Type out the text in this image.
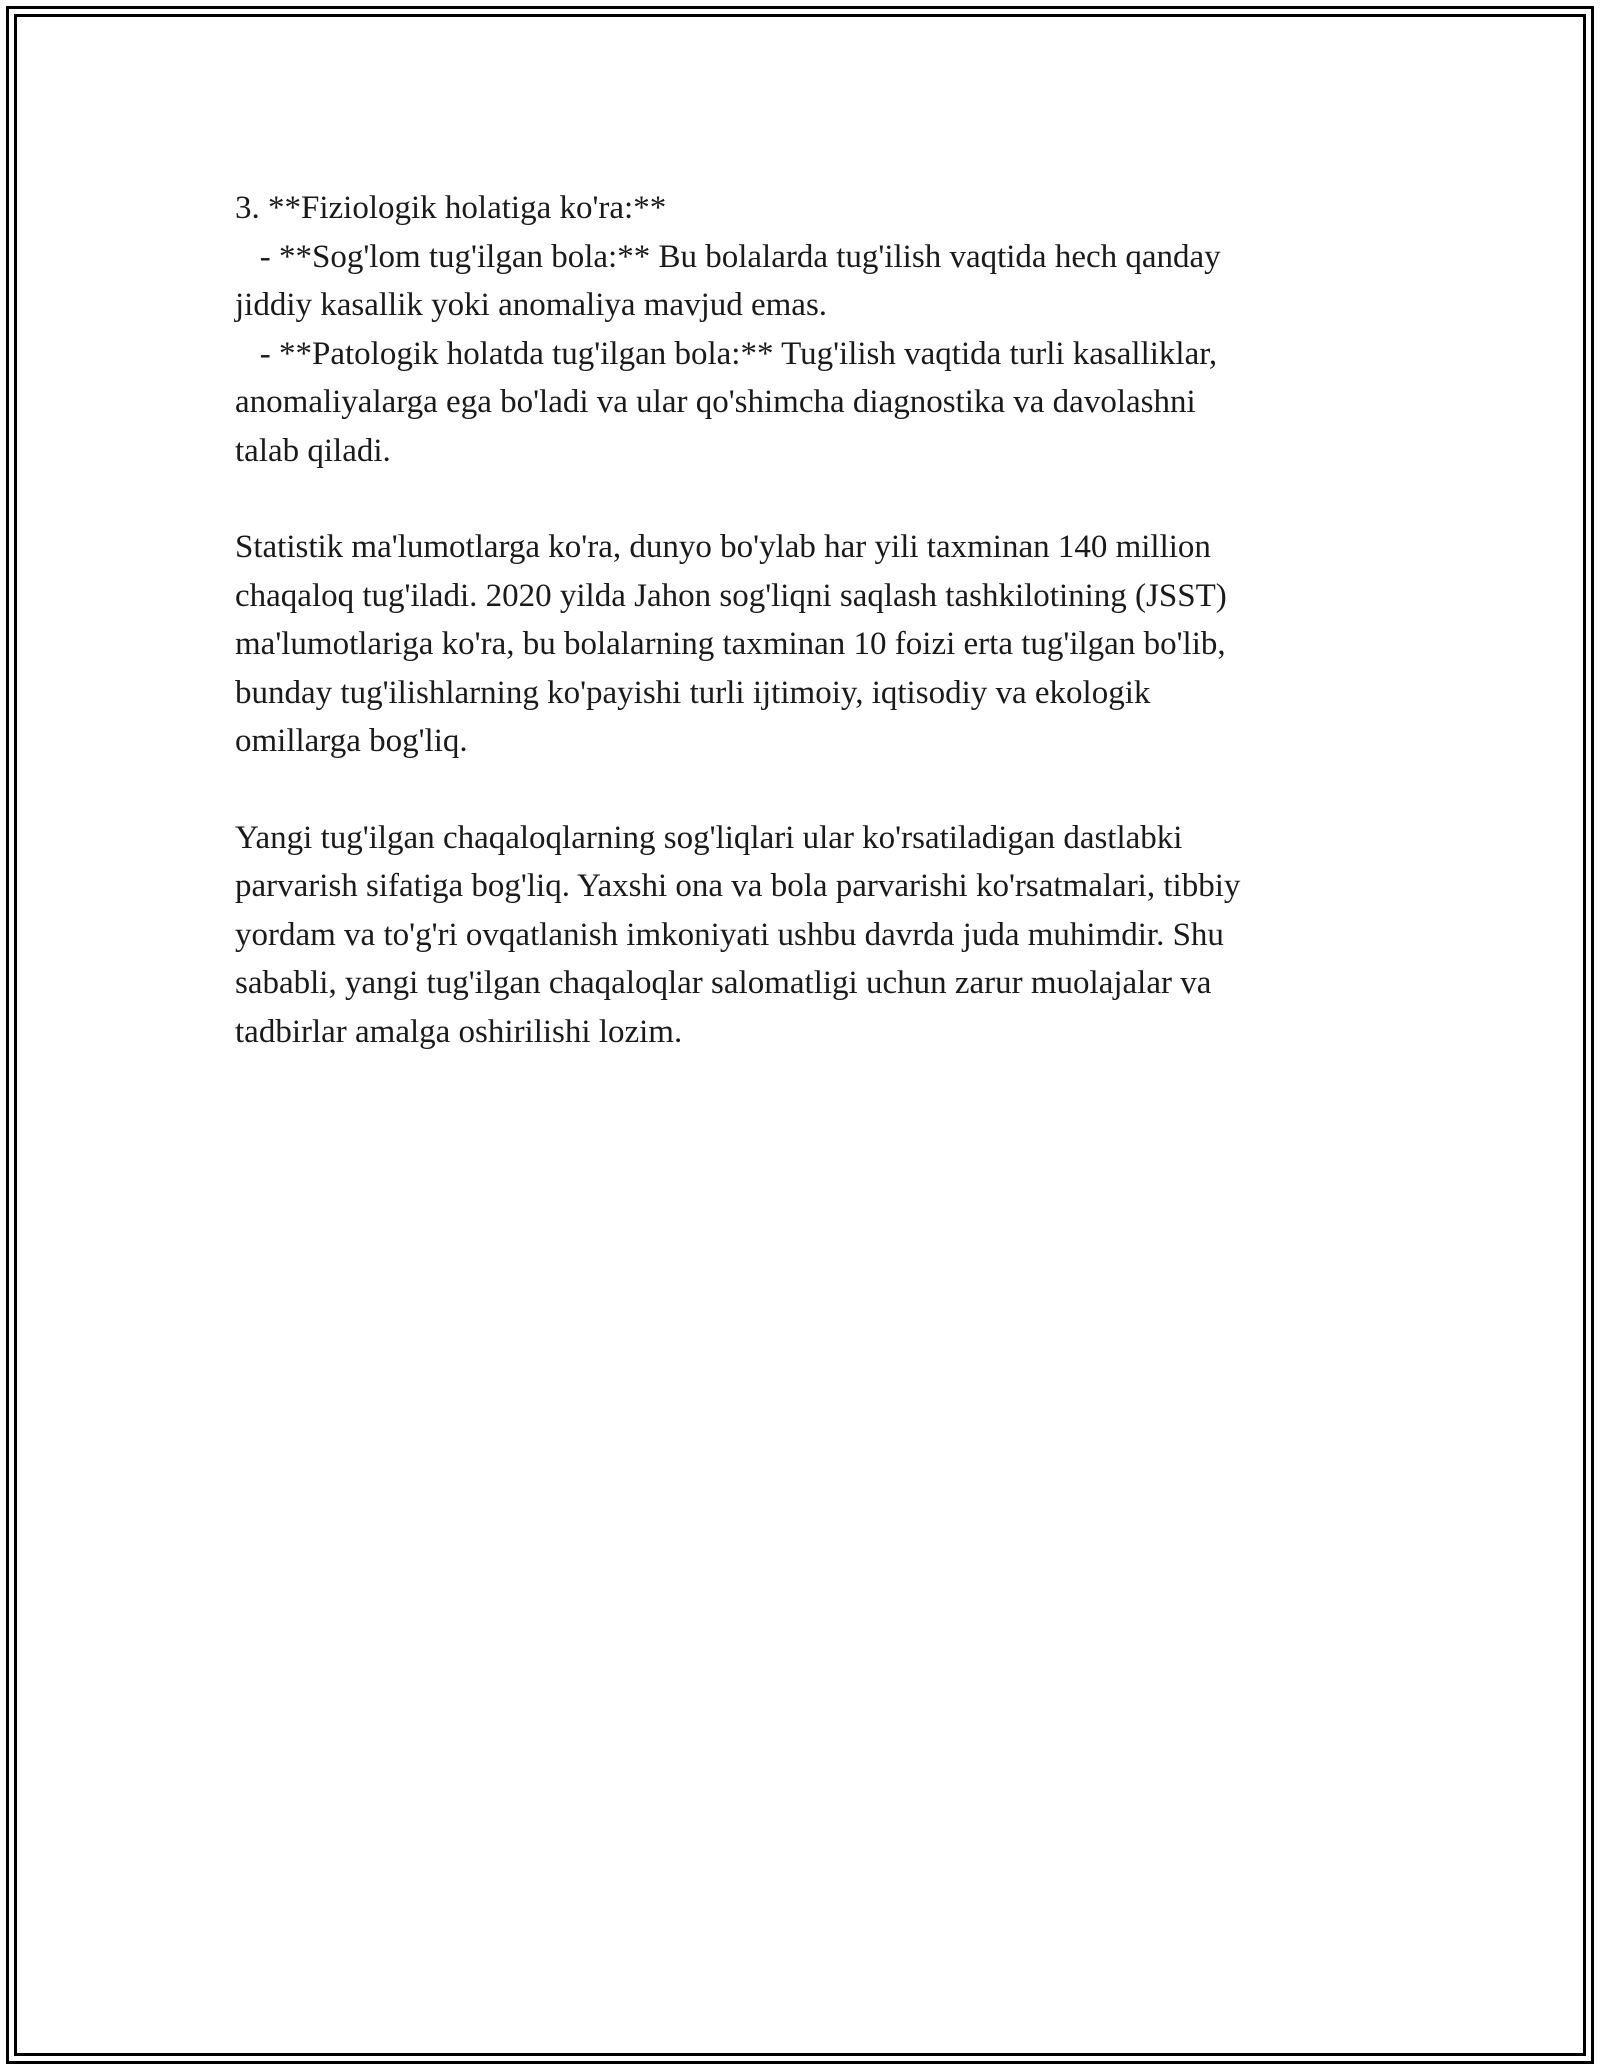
3. **Fiziologik holatiga ko'ra:**
- **Sog'lom tug'ilgan bola:** Bu bolalarda tug'ilish vaqtida hech qanday
jiddiy kasallik yoki anomaliya mavjud emas.
- **Patologik holatda tug'ilgan bola:** Tug'ilish vaqtida turli kasalliklar,
anomaliyalarga ega bo'ladi va ular qo'shimcha diagnostika va davolashni
talab qiladi.
Statistik ma'lumotlarga ko'ra, dunyo bo'ylab har yili taxminan 140 million
chaqaloq tug'iladi. 2020 yilda Jahon sog'liqni saqlash tashkilotining (JSST)
ma'lumotlariga ko'ra, bu bolalarning taxminan 10 foizi erta tug'ilgan bo'lib,
bunday tug'ilishlarning ko'payishi turli ijtimoiy, iqtisodiy va ekologik
omillarga bog'liq.
Yangi tug'ilgan chaqaloqlarning sog'liqlari ular ko'rsatiladigan dastlabki
parvarish sifatiga bog'liq. Yaxshi ona va bola parvarishi ko'rsatmalari, tibbiy
yordam va to'g'ri ovqatlanish imkoniyati ushbu davrda juda muhimdir. Shu
sababli, yangi tug'ilgan chaqaloqlar salomatligi uchun zarur muolajalar va
tadbirlar amalga oshirilishi lozim.
